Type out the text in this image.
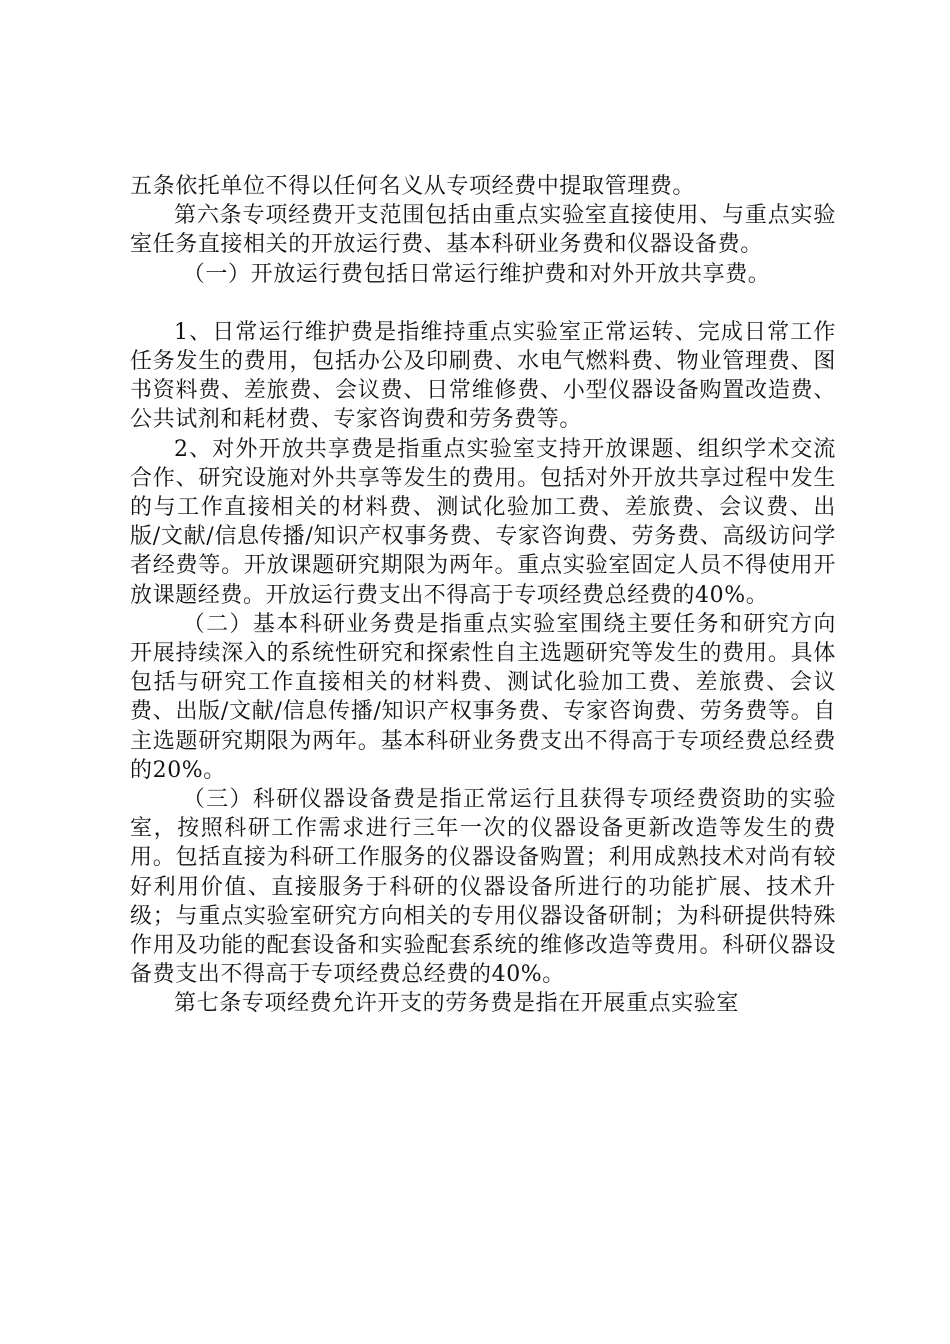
五条依托单位不得以任何名义从专项经费中提取管理费。

第六条专项经费开支范围包括由重点实验室直接使用、与重点实验室任务直接相关的开放运行费、基本科研业务费和仪器设备费。

（一）开放运行费包括日常运行维护费和对外开放共享费。

1、日常运行维护费是指维持重点实验室正常运转、完成日常工作任务发生的费用，包括办公及印刷费、水电气燃料费、物业管理费、图书资料费、差旅费、会议费、日常维修费、小型仪器设备购置改造费、公共试剂和耗材费、专家咨询费和劳务费等。

2、对外开放共享费是指重点实验室支持开放课题、组织学术交流合作、研究设施对外共享等发生的费用。包括对外开放共享过程中发生的与工作直接相关的材料费、测试化验加工费、差旅费、会议费、出版/文献/信息传播/知识产权事务费、专家咨询费、劳务费、高级访问学者经费等。开放课题研究期限为两年。重点实验室固定人员不得使用开放课题经费。开放运行费支出不得高于专项经费总经费的40%。

（二）基本科研业务费是指重点实验室围绕主要任务和研究方向开展持续深入的系统性研究和探索性自主选题研究等发生的费用。具体包括与研究工作直接相关的材料费、测试化验加工费、差旅费、会议费、出版/文献/信息传播/知识产权事务费、专家咨询费、劳务费等。自主选题研究期限为两年。基本科研业务费支出不得高于专项经费总经费的20%。

（三）科研仪器设备费是指正常运行且获得专项经费资助的实验室，按照科研工作需求进行三年一次的仪器设备更新改造等发生的费用。包括直接为科研工作服务的仪器设备购置；利用成熟技术对尚有较好利用价值、直接服务于科研的仪器设备所进行的功能扩展、技术升级；与重点实验室研究方向相关的专用仪器设备研制；为科研提供特殊作用及功能的配套设备和实验配套系统的维修改造等费用。科研仪器设备费支出不得高于专项经费总经费的40%。

第七条专项经费允许开支的劳务费是指在开展重点实验室
